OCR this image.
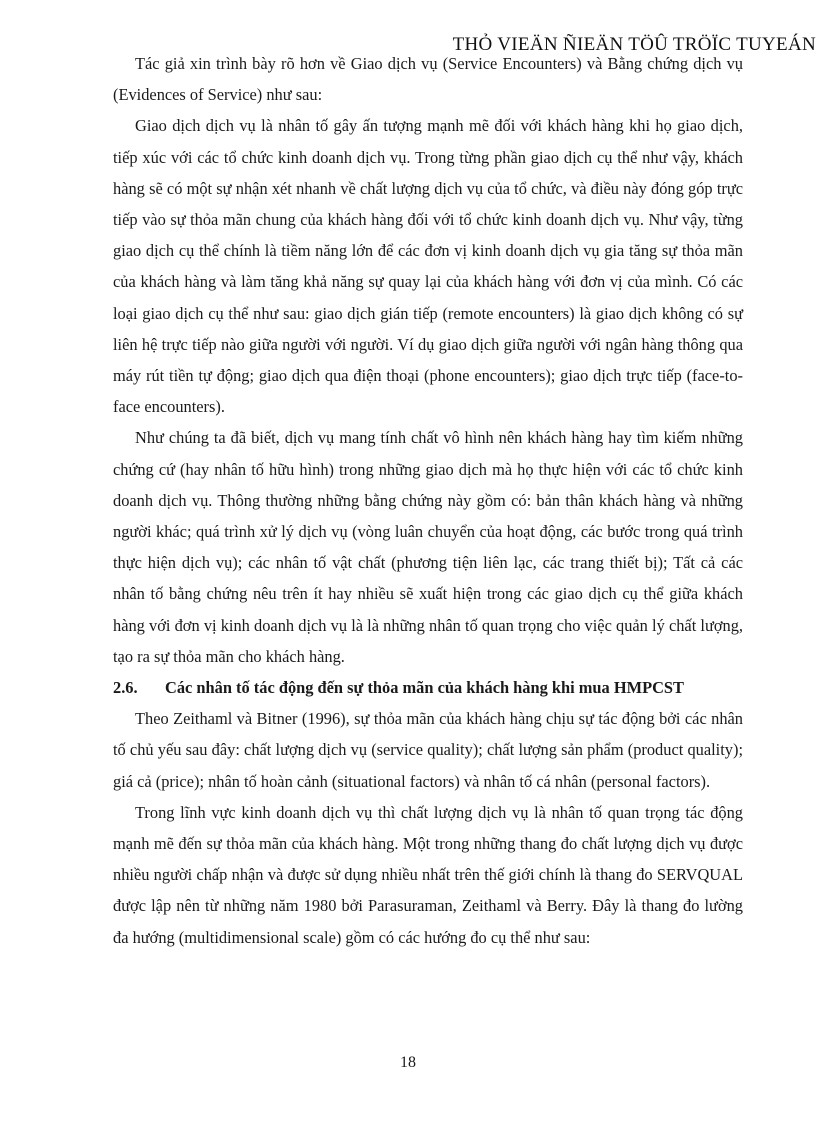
THỎ VIEÄN ÑIEÄN TÖÛ TRÖÏC TUYEÁN

Tác giả xin trình bày rõ hơn về Giao dịch vụ (Service Encounters) và Bằng chứng dịch vụ (Evidences of Service) như sau:

Giao dịch dịch vụ là nhân tố gây ấn tượng mạnh mẽ đối với khách hàng khi họ giao dịch, tiếp xúc với các tổ chức kinh doanh dịch vụ. Trong từng phần giao dịch cụ thể như vậy, khách hàng sẽ có một sự nhận xét nhanh về chất lượng dịch vụ của tổ chức, và điều này đóng góp trực tiếp vào sự thỏa mãn chung của khách hàng đối với tổ chức kinh doanh dịch vụ. Như vậy, từng giao dịch cụ thể chính là tiềm năng lớn để các đơn vị kinh doanh dịch vụ gia tăng sự thỏa mãn của khách hàng và làm tăng khả năng sự quay lại của khách hàng với đơn vị của mình. Có các loại giao dịch cụ thể như sau: giao dịch gián tiếp (remote encounters) là giao dịch không có sự liên hệ trực tiếp nào giữa người với người. Ví dụ giao dịch giữa người với ngân hàng thông qua máy rút tiền tự động; giao dịch qua điện thoại (phone encounters); giao dịch trực tiếp (face-to-face encounters).

Như chúng ta đã biết, dịch vụ mang tính chất vô hình nên khách hàng hay tìm kiếm những chứng cứ (hay nhân tố hữu hình) trong những giao dịch mà họ thực hiện với các tổ chức kinh doanh dịch vụ. Thông thường những bằng chứng này gồm có: bản thân khách hàng và những người khác; quá trình xử lý dịch vụ (vòng luân chuyển của hoạt động, các bước trong quá trình thực hiện dịch vụ); các nhân tố vật chất (phương tiện liên lạc, các trang thiết bị); Tất cả các nhân tố bằng chứng nêu trên ít hay nhiều sẽ xuất hiện trong các giao dịch cụ thể giữa khách hàng với đơn vị kinh doanh dịch vụ là là những nhân tố quan trọng cho việc quản lý chất lượng, tạo ra sự thỏa mãn cho khách hàng.

2.6.	Các nhân tố tác động đến sự thỏa mãn của khách hàng khi mua HMPCST

Theo Zeithaml và Bitner (1996), sự thỏa mãn của khách hàng chịu sự tác động bởi các nhân tố chủ yếu sau đây: chất lượng dịch vụ (service quality); chất lượng sản phẩm (product quality); giá cả (price); nhân tố hoàn cảnh (situational factors) và nhân tố cá nhân (personal factors).

Trong lĩnh vực kinh doanh dịch vụ thì chất lượng dịch vụ là nhân tố quan trọng tác động mạnh mẽ đến sự thỏa mãn của khách hàng. Một trong những thang đo chất lượng dịch vụ được nhiều người chấp nhận và được sử dụng nhiều nhất trên thế giới chính là thang đo SERVQUAL được lập nên từ những năm 1980 bởi Parasuraman, Zeithaml và Berry. Đây là thang đo lường đa hướng (multidimensional scale) gồm có các hướng đo cụ thể như sau:

18
